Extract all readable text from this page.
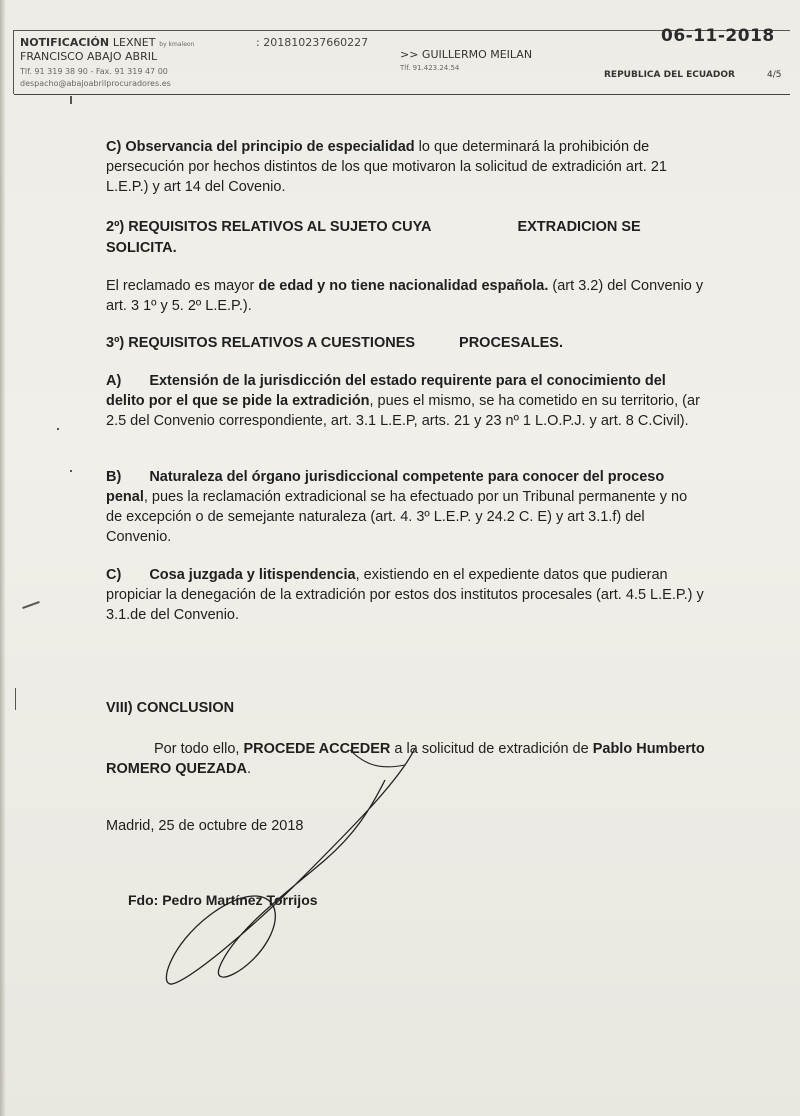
NOTIFICACIÓN LEXNET by kmaleon
FRANCISCO ABAJO ABRIL
Tlf. 91 319 38 90 - Fax. 91 319 47 00
despacho@abajoabrilprocuradores.es
: 201810237660227
>> GUILLERMO MEILAN
Tlf. 91.423.24.54
06-11-2018
REPUBLICA DEL ECUADOR	4/5
C) Observancia del principio de especialidad lo que determinará la prohibición de persecución por hechos distintos de los que motivaron la solicitud de extradición art. 21 L.E.P.) y art 14 del Covenio.
2º) REQUISITOS RELATIVOS AL SUJETO CUYA	EXTRADICION SE SOLICITA.
El reclamado es mayor de edad y no tiene nacionalidad española. (art 3.2) del Convenio y art. 3 1º y 5. 2º L.E.P.).
3º) REQUISITOS RELATIVOS A CUESTIONES	PROCESALES.
A) Extensión de la jurisdicción del estado requirente para el conocimiento del delito por el que se pide la extradición, pues el mismo, se ha cometido en su territorio, (ar 2.5 del Convenio correspondiente, art. 3.1 L.E.P, arts. 21 y 23 nº 1 L.O.P.J. y art. 8 C.Civil).
B) Naturaleza del órgano jurisdiccional competente para conocer del proceso penal, pues la reclamación extradicional se ha efectuado por un Tribunal permanente y no de excepción o de semejante naturaleza (art. 4. 3º L.E.P. y 24.2 C. E) y art 3.1.f) del Convenio.
C) Cosa juzgada y litispendencia, existiendo en el expediente datos que pudieran propiciar la denegación de la extradición por estos dos institutos procesales (art. 4.5 L.E.P.) y 3.1.de del Convenio.
VIII) CONCLUSION
Por todo ello, PROCEDE ACCEDER a la solicitud de extradición de Pablo Humberto ROMERO QUEZADA.
Madrid, 25 de octubre de 2018
Fdo: Pedro Martínez Torrijos
